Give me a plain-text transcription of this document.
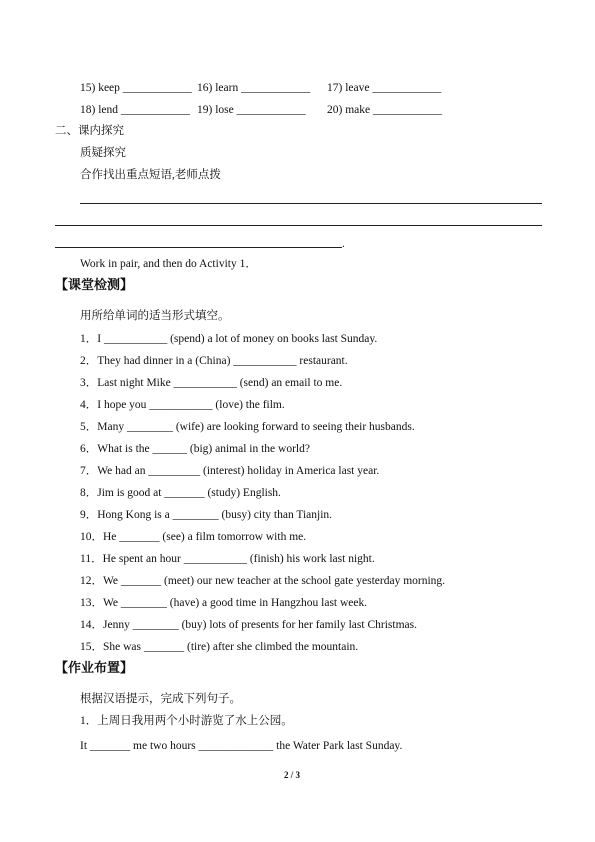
15) keep ____________ 16) learn ____________ 17) leave ____________
18) lend ____________ 19) lose ____________ 20) make ____________
二、课内探究
质疑探究
合作找出重点短语,老师点拨
.
Work in pair, and then do Activity 1．
【课堂检测】
用所给单词的适当形式填空。
1．I ___________ (spend) a lot of money on books last Sunday.
2．They had dinner in a (China) ___________ restaurant.
3．Last night Mike ___________ (send) an email to me.
4．I hope you ___________ (love) the film.
5．Many ________ (wife) are looking forward to seeing their husbands.
6．What is the ______ (big) animal in the world?
7．We had an _________ (interest) holiday in America last year.
8．Jim is good at _______ (study) English.
9．Hong Kong is a ________ (busy) city than Tianjin.
10．He _______ (see) a film tomorrow with me.
11．He spent an hour ___________ (finish) his work last night.
12．We _______ (meet) our new teacher at the school gate yesterday morning.
13．We ________ (have) a good time in Hangzhou last week.
14．Jenny ________ (buy) lots of presents for her family last Christmas.
15．She was _______ (tire) after she climbed the mountain.
【作业布置】
根据汉语提示，完成下列句子。
1．上周日我用两个小时游览了水上公园。
It _______ me two hours _____________ the Water Park last Sunday.
2 / 3
